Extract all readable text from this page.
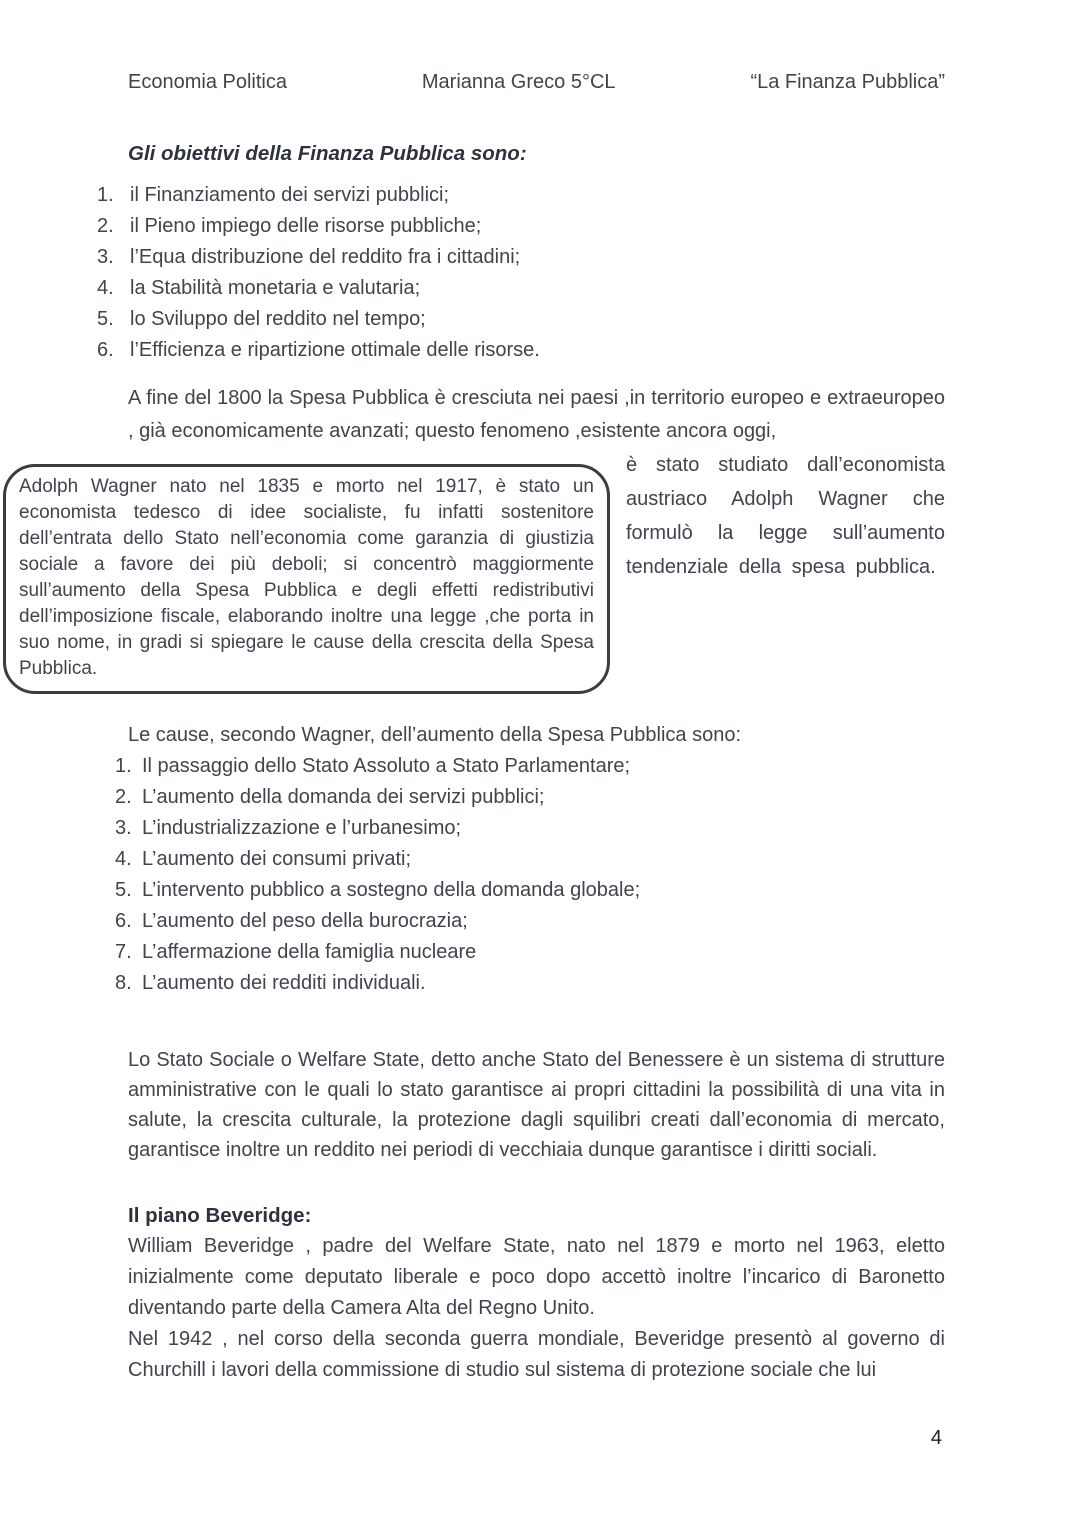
Economia Politica	Marianna Greco 5°CL	“La Finanza Pubblica”
Gli obiettivi della Finanza Pubblica sono:
il Finanziamento dei servizi pubblici;
il Pieno impiego delle risorse pubbliche;
l’Equa distribuzione del reddito fra i cittadini;
la Stabilità monetaria e valutaria;
lo Sviluppo del reddito nel tempo;
l’Efficienza e ripartizione ottimale delle risorse.

A fine del 1800 la Spesa Pubblica è cresciuta nei paesi ,in territorio europeo e extraeuropeo , già economicamente avanzati; questo fenomeno ,esistente ancora oggi,

Adolph Wagner nato nel 1835 e morto nel 1917, è stato un economista tedesco di idee socialiste, fu infatti sostenitore dell’entrata dello Stato nell’economia come garanzia di giustizia sociale a favore dei più deboli; si concentrò maggiormente sull’aumento della Spesa Pubblica e degli effetti redistributivi dell’imposizione fiscale, elaborando inoltre una legge ,che porta in suo nome, in gradi si spiegare le cause della crescita della Spesa Pubblica.

è stato studiato dall’economista austriaco Adolph Wagner che formulò la legge sull’aumento tendenziale della spesa pubblica.

Le cause, secondo Wagner, dell’aumento della Spesa Pubblica sono:

Il passaggio dello Stato Assoluto a Stato Parlamentare;
L’aumento della domanda dei servizi pubblici;
L’industrializzazione e l’urbanesimo;
L’aumento dei consumi privati;
L’intervento pubblico a sostegno della domanda globale;
L’aumento del peso della burocrazia;
L’affermazione della famiglia nucleare
L’aumento dei redditi individuali.

Lo Stato Sociale o Welfare State, detto anche Stato del Benessere è un sistema di strutture amministrative con le quali lo stato garantisce ai propri cittadini la possibilità di una vita in salute, la crescita culturale, la protezione dagli squilibri creati dall’economia di mercato, garantisce inoltre un reddito nei periodi di vecchiaia dunque garantisce i diritti sociali.

Il piano Beveridge:

William Beveridge , padre del Welfare State, nato nel 1879 e morto nel 1963, eletto inizialmente come deputato liberale e poco dopo accettò inoltre l’incarico di Baronetto diventando parte della Camera Alta del Regno Unito.

Nel 1942 , nel corso della seconda guerra mondiale, Beveridge presentò al governo di Churchill i lavori della commissione di studio sul sistema di protezione sociale che lui

4
